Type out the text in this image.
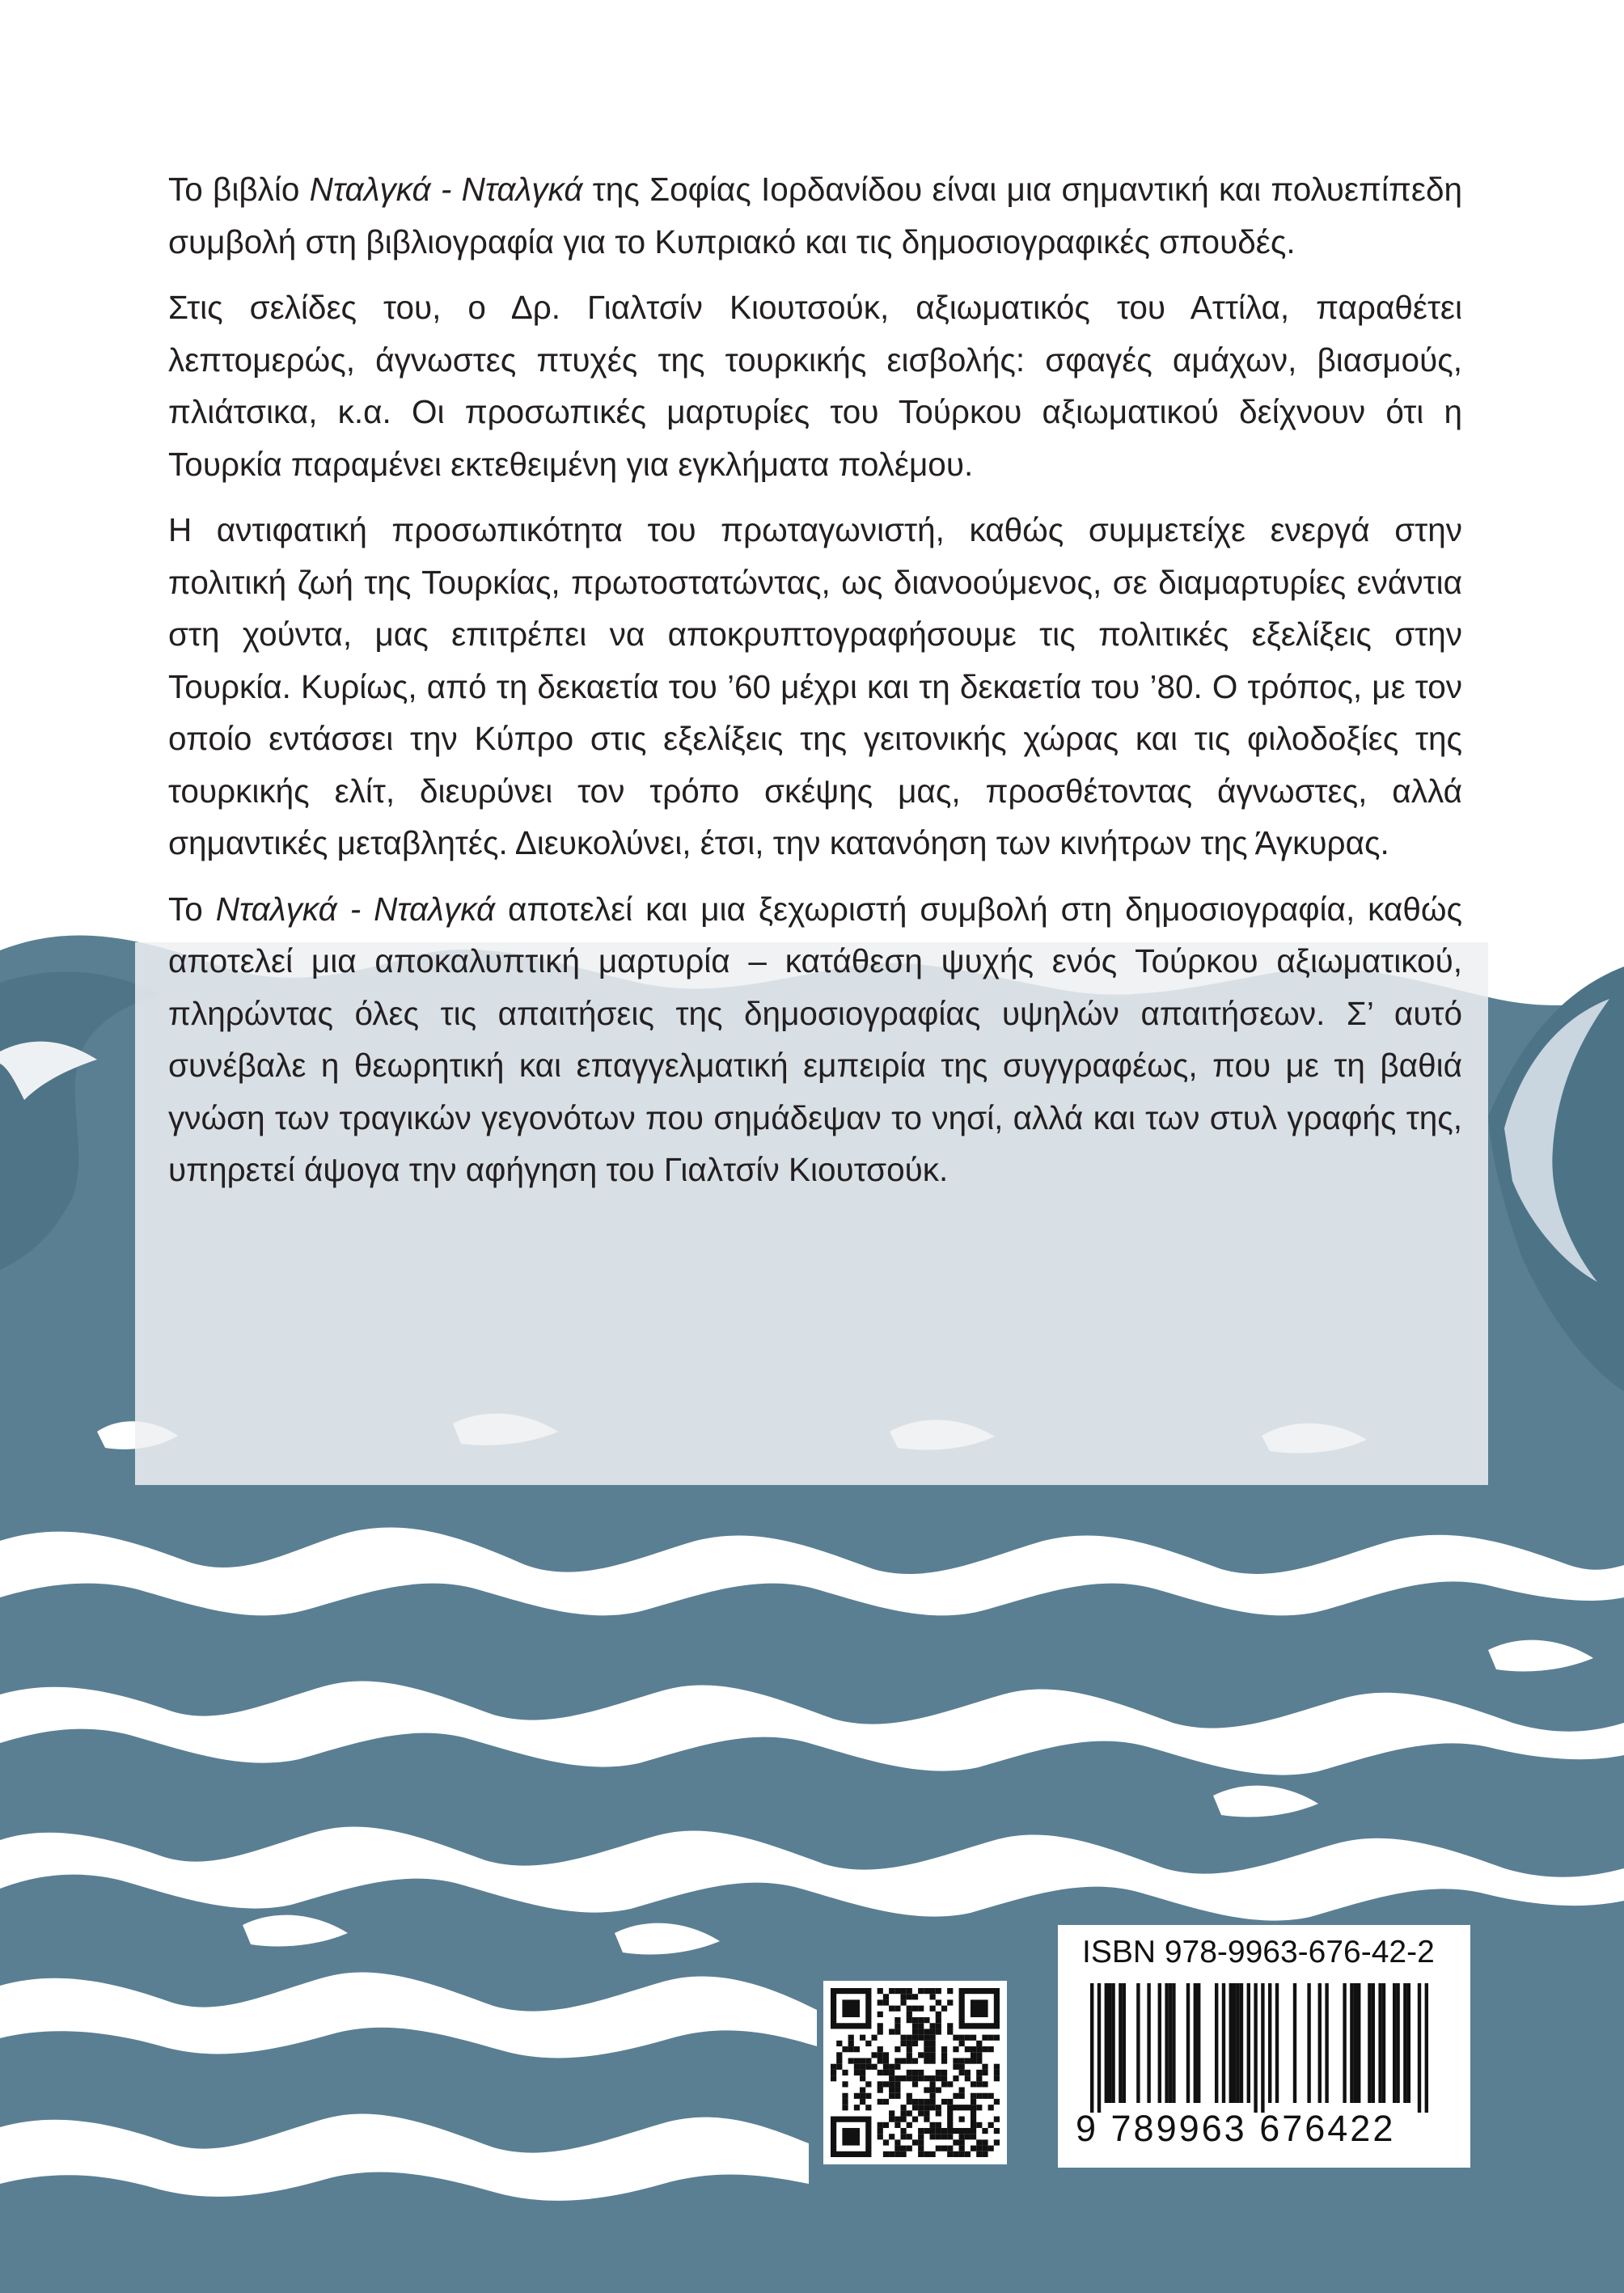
Το βιβλίο Νταλγκά - Νταλγκά της Σοφίας Ιορδανίδου είναι μια σημαντική και πολυεπίπεδη συμβολή στη βιβλιογραφία για το Κυπριακό και τις δημοσιογραφικές σπουδές.

Στις σελίδες του, ο Δρ. Γιαλτσίν Κιουτσούκ, αξιωματικός του Αττίλα, παραθέτει λεπτομερώς, άγνωστες πτυχές της τουρκικής εισβολής: σφαγές αμάχων, βιασμούς, πλιάτσικα, κ.α. Οι προσωπικές μαρτυρίες του Τούρκου αξιωματικού δείχνουν ότι η Τουρκία παραμένει εκτεθειμένη για εγκλήματα πολέμου.

Η αντιφατική προσωπικότητα του πρωταγωνιστή, καθώς συμμετείχε ενεργά στην πολιτική ζωή της Τουρκίας, πρωτοστατώντας, ως διανοούμενος, σε διαμαρτυρίες ενάντια στη χούντα, μας επιτρέπει να αποκρυπτογραφήσουμε τις πολιτικές εξελίξεις στην Τουρκία. Κυρίως, από τη δεκαετία του ’60 μέχρι και τη δεκαετία του ’80. Ο τρόπος, με τον οποίο εντάσσει την Κύπρο στις εξελίξεις της γειτονικής χώρας και τις φιλοδοξίες της τουρκικής ελίτ, διευρύνει τον τρόπο σκέψης μας, προσθέτοντας άγνωστες, αλλά σημαντικές μεταβλητές. Διευκολύνει, έτσι, την κατανόηση των κινήτρων της Άγκυρας.

Το Νταλγκά - Νταλγκά αποτελεί και μια ξεχωριστή συμβολή στη δημοσιογραφία, καθώς αποτελεί μια αποκαλυπτική μαρτυρία – κατάθεση ψυχής ενός Τούρκου αξιωματικού, πληρώντας όλες τις απαιτήσεις της δημοσιογραφίας υψηλών απαιτήσεων. Σ’ αυτό συνέβαλε η θεωρητική και επαγγελματική εμπειρία της συγγραφέως, που με τη βαθιά γνώση των τραγικών γεγονότων που σημάδεψαν το νησί, αλλά και των στυλ γραφής της, υπηρετεί άψογα την αφήγηση του Γιαλτσίν Κιουτσούκ.

ISBN 978-9963-676-42-2
9 789963 676422
